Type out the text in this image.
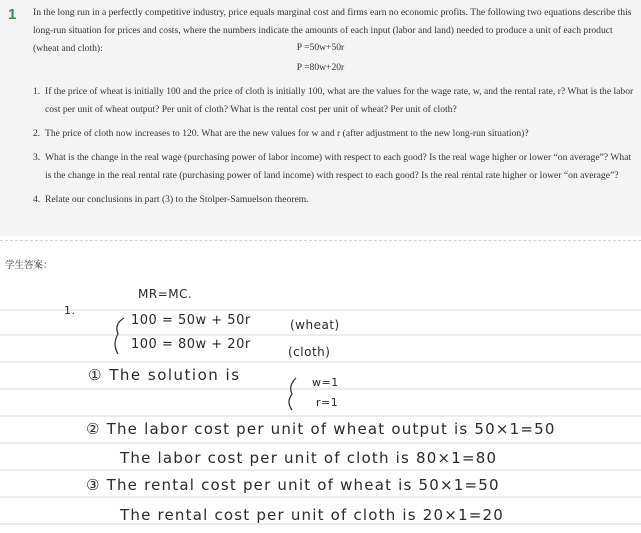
1 In the long run in a perfectly competitive industry, price equals marginal cost and firms earn no economic profits. The following two equations describe this long-run situation for prices and costs, where the numbers indicate the amounts of each input (labor and land) needed to produce a unit of each product (wheat and cloth):	P =50w+50r
P =80w+20r
1. If the price of wheat is initially 100 and the price of cloth is initially 100, what are the values for the wage rate, w, and the rental rate, r? What is the labor cost per unit of wheat output? Per unit of cloth? What is the rental cost per unit of wheat? Per unit of cloth?
2. The price of cloth now increases to 120. What are the new values for w and r (after adjustment to the new long-run situation)?
3. What is the change in the real wage (purchasing power of labor income) with respect to each good? Is the real wage higher or lower “on average”? What is the change in the real rental rate (purchasing power of land income) with respect to each good? Is the real rental rate higher or lower “on average”?
4. Relate our conclusions in part (3) to the Stolper-Samuelson theorem.
学生答案：
MR=MC.
1.
100 = 50w + 50r
100 = 80w + 20r
(wheat)
(cloth)
① The solution is	w=1
r=1
② The labor cost per unit of wheat output is 50×1=50
The labor cost per unit of cloth is 80×1=80
③ The rental cost per unit of wheat is 50×1=50
The rental cost per unit of cloth is 20×1=20
